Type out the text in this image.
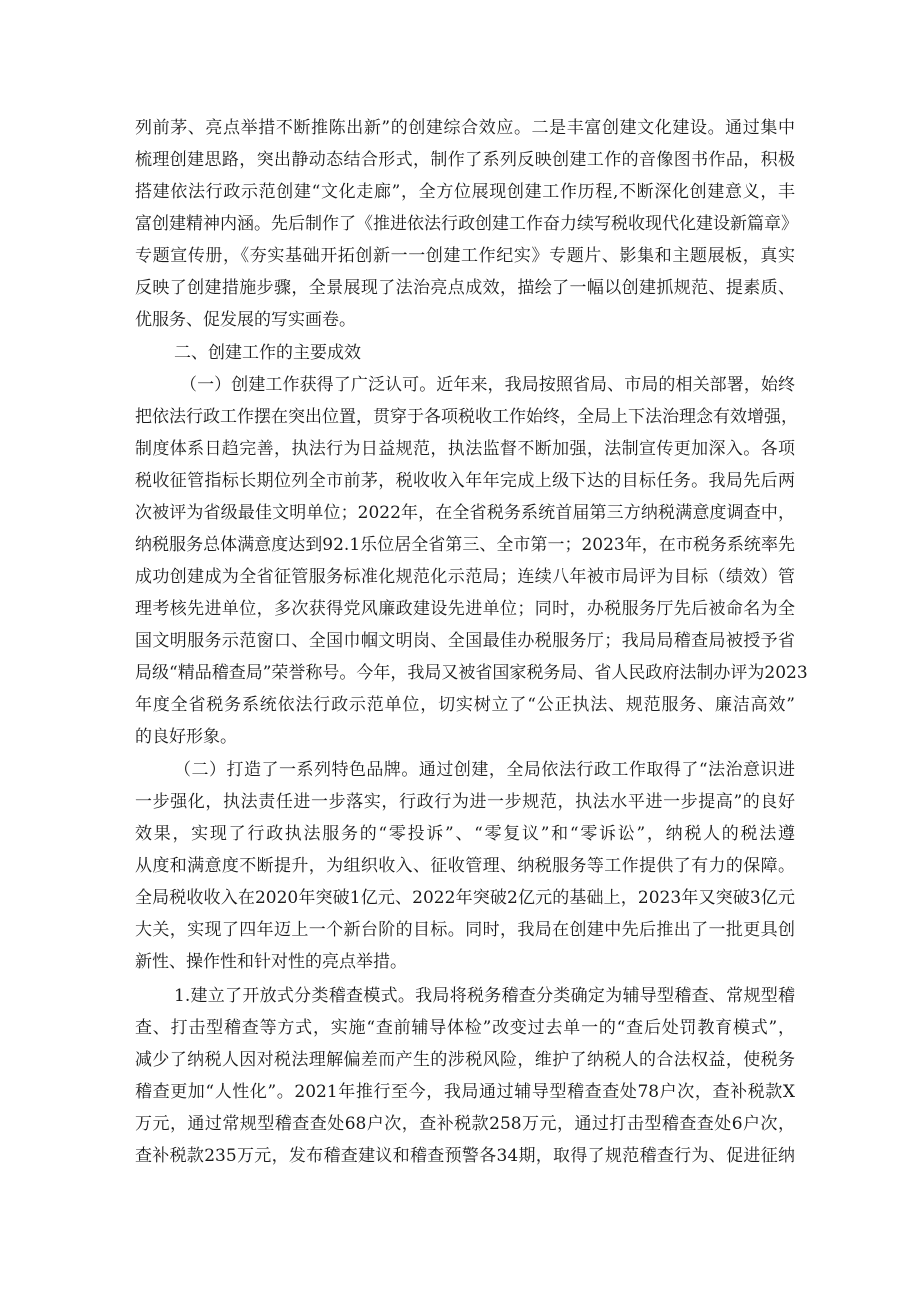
列前茅、亮点举措不断推陈出新”的创建综合效应。二是丰富创建文化建设。通过集中
梳理创建思路，突出静动态结合形式，制作了系列反映创建工作的音像图书作品，积极
搭建依法行政示范创建“文化走廊”，全方位展现创建工作历程,不断深化创建意义，丰
富创建精神内涵。先后制作了《推进依法行政创建工作奋力续写税收现代化建设新篇章》
专题宣传册，《夯实基础开拓创新一一创建工作纪实》专题片、影集和主题展板，真实
反映了创建措施步骤，全景展现了法治亮点成效，描绘了一幅以创建抓规范、提素质、
优服务、促发展的写实画卷。
二、创建工作的主要成效
（一）创建工作获得了广泛认可。近年来，我局按照省局、市局的相关部署，始终
把依法行政工作摆在突出位置，贯穿于各项税收工作始终，全局上下法治理念有效增强，
制度体系日趋完善，执法行为日益规范，执法监督不断加强，法制宣传更加深入。各项
税收征管指标长期位列全市前茅，税收收入年年完成上级下达的目标任务。我局先后两
次被评为省级最佳文明单位；2022年，在全省税务系统首届第三方纳税满意度调查中，
纳税服务总体满意度达到92.1乐位居全省第三、全市第一；2023年，在市税务系统率先
成功创建成为全省征管服务标准化规范化示范局；连续八年被市局评为目标（绩效）管
理考核先进单位，多次获得党风廉政建设先进单位；同时，办税服务厅先后被命名为全
国文明服务示范窗口、全国巾帼文明岗、全国最佳办税服务厅；我局局稽查局被授予省
局级“精品稽查局”荣誉称号。今年，我局又被省国家税务局、省人民政府法制办评为2023
年度全省税务系统依法行政示范单位，切实树立了“公正执法、规范服务、廉洁高效”
的良好形象。
（二）打造了一系列特色品牌。通过创建，全局依法行政工作取得了“法治意识进
一步强化，执法责任进一步落实，行政行为进一步规范，执法水平进一步提高”的良好
效果，实现了行政执法服务的“零投诉”、“零复议”和“零诉讼”，纳税人的税法遵
从度和满意度不断提升，为组织收入、征收管理、纳税服务等工作提供了有力的保障。
全局税收收入在2020年突破1亿元、2022年突破2亿元的基础上，2023年又突破3亿元
大关，实现了四年迈上一个新台阶的目标。同时，我局在创建中先后推出了一批更具创
新性、操作性和针对性的亮点举措。
1.建立了开放式分类稽查模式。我局将税务稽查分类确定为辅导型稽查、常规型稽
查、打击型稽查等方式，实施“查前辅导体检”改变过去单一的“查后处罚教育模式”，
减少了纳税人因对税法理解偏差而产生的涉税风险，维护了纳税人的合法权益，使税务
稽查更加“人性化”。2021年推行至今，我局通过辅导型稽查查处78户次，查补税款X
万元，通过常规型稽查查处68户次，查补税款258万元，通过打击型稽查查处6户次，
查补税款235万元，发布稽查建议和稽查预警各34期，取得了规范稽查行为、促进征纳
